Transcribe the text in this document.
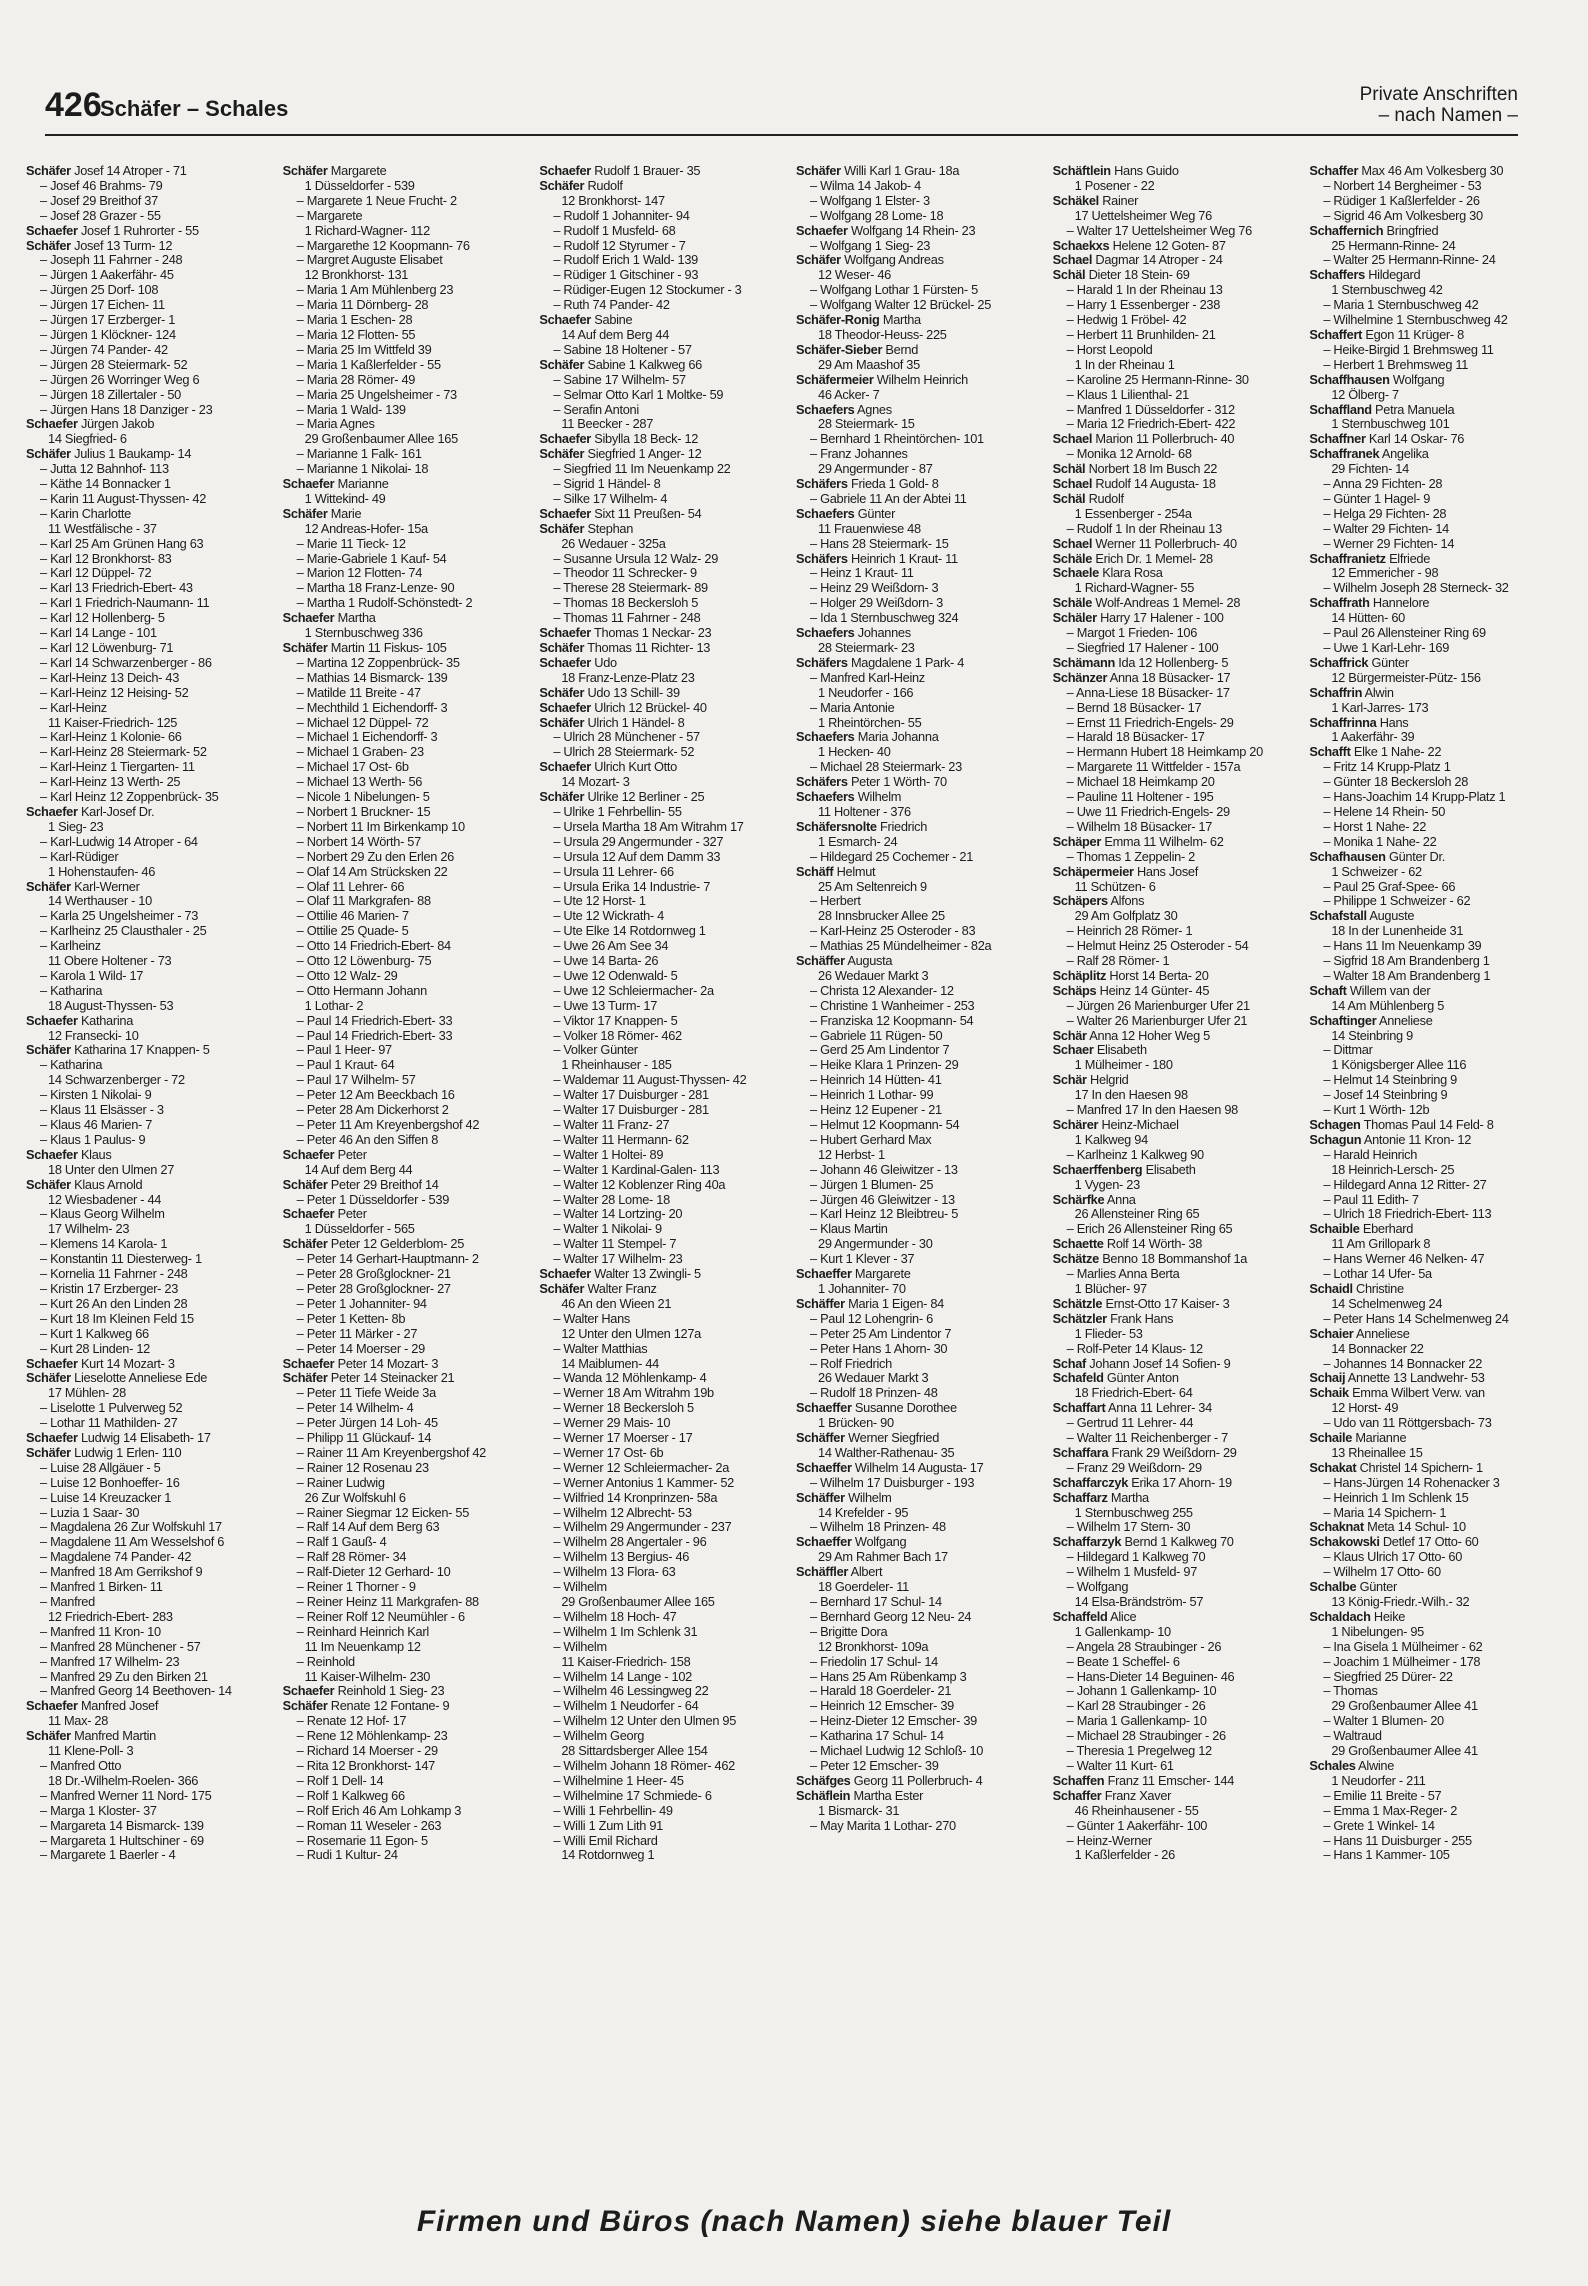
426
Schäfer – Schales
Private Anschriften
– nach Namen –
Schäfer Josef 14 Atroper - 71
– Josef 46 Brahms- 79
– Josef 29 Breithof 37
– Josef 28 Grazer - 55
Schaefer Josef 1 Ruhrorter - 55
Schäfer Josef 13 Turm- 12
– Joseph 11 Fahrner - 248
– Jürgen 1 Aakerfähr- 45
– Jürgen 25 Dorf- 108
– Jürgen 17 Eichen- 11
– Jürgen 17 Erzberger- 1
– Jürgen 1 Klöckner- 124
– Jürgen 74 Pander- 42
– Jürgen 28 Steiermark- 52
– Jürgen 26 Worringer Weg 6
– Jürgen 18 Zillertaler - 50
– Jürgen Hans 18 Danziger - 23
Schaefer Jürgen Jakob
14 Siegfried- 6
Schäfer Julius 1 Baukamp- 14
– Jutta 12 Bahnhof- 113
– Käthe 14 Bonnacker 1
– Karin 11 August-Thyssen- 42
– Karin Charlotte
11 Westfälische - 37
– Karl 25 Am Grünen Hang 63
– Karl 12 Bronkhorst- 83
– Karl 12 Düppel- 72
– Karl 13 Friedrich-Ebert- 43
– Karl 1 Friedrich-Naumann- 11
– Karl 12 Hollenberg- 5
– Karl 14 Lange - 101
– Karl 12 Löwenburg- 71
– Karl 14 Schwarzenberger - 86
– Karl-Heinz 13 Deich- 43
– Karl-Heinz 12 Heising- 52
– Karl-Heinz
11 Kaiser-Friedrich- 125
– Karl-Heinz 1 Kolonie- 66
– Karl-Heinz 28 Steiermark- 52
– Karl-Heinz 1 Tiergarten- 11
– Karl-Heinz 13 Werth- 25
– Karl Heinz 12 Zoppenbrück- 35
Schaefer Karl-Josef Dr.
1 Sieg- 23
– Karl-Ludwig 14 Atroper - 64
– Karl-Rüdiger
1 Hohenstaufen- 46
Schäfer Karl-Werner
14 Werthauser - 10
– Karla 25 Ungelsheimer - 73
– Karlheinz 25 Clausthaler - 25
– Karlheinz
11 Obere Holtener - 73
– Karola 1 Wild- 17
– Katharina
18 August-Thyssen- 53
Schaefer Katharina
12 Fransecki- 10
Schäfer Katharina 17 Knappen- 5
– Katharina
14 Schwarzenberger - 72
– Kirsten 1 Nikolai- 9
– Klaus 11 Elsässer - 3
– Klaus 46 Marien- 7
– Klaus 1 Paulus- 9
Schaefer Klaus
18 Unter den Ulmen 27
Schäfer Klaus Arnold
12 Wiesbadener - 44
– Klaus Georg Wilhelm
17 Wilhelm- 23
– Klemens 14 Karola- 1
– Konstantin 11 Diesterweg- 1
– Kornelia 11 Fahrner - 248
– Kristin 17 Erzberger- 23
– Kurt 26 An den Linden 28
– Kurt 18 Im Kleinen Feld 15
– Kurt 1 Kalkweg 66
– Kurt 28 Linden- 12
Schaefer Kurt 14 Mozart- 3
Schäfer Lieselotte Anneliese Ede
17 Mühlen- 28
– Liselotte 1 Pulverweg 52
– Lothar 11 Mathilden- 27
Schaefer Ludwig 14 Elisabeth- 17
Schäfer Ludwig 1 Erlen- 110
– Luise 28 Allgäuer - 5
– Luise 12 Bonhoeffer- 16
– Luise 14 Kreuzacker 1
– Luzia 1 Saar- 30
– Magdalena 26 Zur Wolfskuhl 17
– Magdalene 11 Am Wesselshof 6
– Magdalene 74 Pander- 42
– Manfred 18 Am Gerrikshof 9
– Manfred 1 Birken- 11
– Manfred
12 Friedrich-Ebert- 283
– Manfred 11 Kron- 10
– Manfred 28 Münchener - 57
– Manfred 17 Wilhelm- 23
– Manfred 29 Zu den Birken 21
– Manfred Georg 14 Beethoven- 14
Schaefer Manfred Josef
11 Max- 28
Schäfer Manfred Martin
11 Klene-Poll- 3
– Manfred Otto
18 Dr.-Wilhelm-Roelen- 366
– Manfred Werner 11 Nord- 175
– Marga 1 Kloster- 37
– Margareta 14 Bismarck- 139
– Margareta 1 Hultschiner - 69
– Margarete 1 Baerler - 4
Schäfer Margarete
1 Düsseldorfer - 539
– Margarete 1 Neue Frucht- 2
– Margarete
1 Richard-Wagner- 112
– Margarethe 12 Koopmann- 76
– Margret Auguste Elisabet
12 Bronkhorst- 131
– Maria 1 Am Mühlenberg 23
– Maria 11 Dörnberg- 28
– Maria 1 Eschen- 28
– Maria 12 Flotten- 55
– Maria 25 Im Wittfeld 39
– Maria 1 Kaßlerfelder - 55
– Maria 28 Römer- 49
– Maria 25 Ungelsheimer - 73
– Maria 1 Wald- 139
– Maria Agnes
29 Großenbaumer Allee 165
– Marianne 1 Falk- 161
– Marianne 1 Nikolai- 18
Schaefer Marianne
1 Wittekind- 49
Schäfer Marie
12 Andreas-Hofer- 15a
– Marie 11 Tieck- 12
– Marie-Gabriele 1 Kauf- 54
– Marion 12 Flotten- 74
– Martha 18 Franz-Lenze- 90
– Martha 1 Rudolf-Schönstedt- 2
Schaefer Martha
1 Sternbuschweg 336
Schäfer Martin 11 Fiskus- 105
– Martina 12 Zoppenbrück- 35
– Mathias 14 Bismarck- 139
– Matilde 11 Breite - 47
– Mechthild 1 Eichendorff- 3
– Michael 12 Düppel- 72
– Michael 1 Eichendorff- 3
– Michael 1 Graben- 23
– Michael 17 Ost- 6b
– Michael 13 Werth- 56
– Nicole 1 Nibelungen- 5
– Norbert 1 Bruckner- 15
– Norbert 11 Im Birkenkamp 10
– Norbert 14 Wörth- 57
– Norbert 29 Zu den Erlen 26
– Olaf 14 Am Strücksken 22
– Olaf 11 Lehrer- 66
– Olaf 11 Markgrafen- 88
– Ottilie 46 Marien- 7
– Ottilie 25 Quade- 5
– Otto 14 Friedrich-Ebert- 84
– Otto 12 Löwenburg- 75
– Otto 12 Walz- 29
– Otto Hermann Johann
1 Lothar- 2
– Paul 14 Friedrich-Ebert- 33
– Paul 14 Friedrich-Ebert- 33
– Paul 1 Heer- 97
– Paul 1 Kraut- 64
– Paul 17 Wilhelm- 57
– Peter 12 Am Beeckbach 16
– Peter 28 Am Dickerhorst 2
– Peter 11 Am Kreyenbergshof 42
– Peter 46 An den Siffen 8
Schaefer Peter
14 Auf dem Berg 44
Schäfer Peter 29 Breithof 14
– Peter 1 Düsseldorfer - 539
Schaefer Peter
1 Düsseldorfer - 565
Schäfer Peter 12 Gelderblom- 25
– Peter 14 Gerhart-Hauptmann- 2
– Peter 28 Großglockner- 21
– Peter 28 Großglockner- 27
– Peter 1 Johanniter- 94
– Peter 1 Ketten- 8b
– Peter 11 Märker - 27
– Peter 14 Moerser - 29
Schaefer Peter 14 Mozart- 3
Schäfer Peter 14 Steinacker 21
– Peter 11 Tiefe Weide 3a
– Peter 14 Wilhelm- 4
– Peter Jürgen 14 Loh- 45
– Philipp 11 Glückauf- 14
– Rainer 11 Am Kreyenbergshof 42
– Rainer 12 Rosenau 23
– Rainer Ludwig
26 Zur Wolfskuhl 6
– Rainer Siegmar 12 Eicken- 55
– Ralf 14 Auf dem Berg 63
– Ralf 1 Gauß- 4
– Ralf 28 Römer- 34
– Ralf-Dieter 12 Gerhard- 10
– Reiner 1 Thorner - 9
– Reiner Heinz 11 Markgrafen- 88
– Reiner Rolf 12 Neumühler - 6
– Reinhard Heinrich Karl
11 Im Neuenkamp 12
– Reinhold
11 Kaiser-Wilhelm- 230
Schaefer Reinhold 1 Sieg- 23
Schäfer Renate 12 Fontane- 9
– Renate 12 Hof- 17
– Rene 12 Möhlenkamp- 23
– Richard 14 Moerser - 29
– Rita 12 Bronkhorst- 147
– Rolf 1 Dell- 14
– Rolf 1 Kalkweg 66
– Rolf Erich 46 Am Lohkamp 3
– Roman 11 Weseler - 263
– Rosemarie 11 Egon- 5
– Rudi 1 Kultur- 24
Schaefer Rudolf 1 Brauer- 35
Schäfer Rudolf
12 Bronkhorst- 147
– Rudolf 1 Johanniter- 94
– Rudolf 1 Musfeld- 68
– Rudolf 12 Styrumer - 7
– Rudolf Erich 1 Wald- 139
– Rüdiger 1 Gitschiner - 93
– Rüdiger-Eugen 12 Stockumer - 3
– Ruth 74 Pander- 42
Schaefer Sabine
14 Auf dem Berg 44
– Sabine 18 Holtener - 57
Schäfer Sabine 1 Kalkweg 66
– Sabine 17 Wilhelm- 57
– Selmar Otto Karl 1 Moltke- 59
– Serafin Antoni
11 Beecker - 287
Schaefer Sibylla 18 Beck- 12
Schäfer Siegfried 1 Anger- 12
– Siegfried 11 Im Neuenkamp 22
– Sigrid 1 Händel- 8
– Silke 17 Wilhelm- 4
Schaefer Sixt 11 Preußen- 54
Schäfer Stephan
26 Wedauer - 325a
– Susanne Ursula 12 Walz- 29
– Theodor 11 Schrecker- 9
– Therese 28 Steiermark- 89
– Thomas 18 Beckersloh 5
– Thomas 11 Fahrner - 248
Schaefer Thomas 1 Neckar- 23
Schäfer Thomas 11 Richter- 13
Schaefer Udo
18 Franz-Lenze-Platz 23
Schäfer Udo 13 Schill- 39
Schaefer Ulrich 12 Brückel- 40
Schäfer Ulrich 1 Händel- 8
– Ulrich 28 Münchener - 57
– Ulrich 28 Steiermark- 52
Schaefer Ulrich Kurt Otto
14 Mozart- 3
Schäfer Ulrike 12 Berliner - 25
– Ulrike 1 Fehrbellin- 55
– Ursela Martha 18 Am Witrahm 17
– Ursula 29 Angermunder - 327
– Ursula 12 Auf dem Damm 33
– Ursula 11 Lehrer- 66
– Ursula Erika 14 Industrie- 7
– Ute 12 Horst- 1
– Ute 12 Wickrath- 4
– Ute Elke 14 Rotdornweg 1
– Uwe 26 Am See 34
– Uwe 14 Barta- 26
– Uwe 12 Odenwald- 5
– Uwe 12 Schleiermacher- 2a
– Uwe 13 Turm- 17
– Viktor 17 Knappen- 5
– Volker 18 Römer- 462
– Volker Günter
1 Rheinhauser - 185
– Waldemar 11 August-Thyssen- 42
– Walter 17 Duisburger - 281
– Walter 17 Duisburger - 281
– Walter 11 Franz- 27
– Walter 11 Hermann- 62
– Walter 1 Holtei- 89
– Walter 1 Kardinal-Galen- 113
– Walter 12 Koblenzer Ring 40a
– Walter 28 Lome- 18
– Walter 14 Lortzing- 20
– Walter 1 Nikolai- 9
– Walter 11 Stempel- 7
– Walter 17 Wilhelm- 23
Schaefer Walter 13 Zwingli- 5
Schäfer Walter Franz
46 An den Wieen 21
– Walter Hans
12 Unter den Ulmen 127a
– Walter Matthias
14 Maiblumen- 44
– Wanda 12 Möhlenkamp- 4
– Werner 18 Am Witrahm 19b
– Werner 18 Beckersloh 5
– Werner 29 Mais- 10
– Werner 17 Moerser - 17
– Werner 17 Ost- 6b
– Werner 12 Schleiermacher- 2a
– Werner Antonius 1 Kammer- 52
– Wilfried 14 Kronprinzen- 58a
– Wilhelm 12 Albrecht- 53
– Wilhelm 29 Angermunder - 237
– Wilhelm 28 Angertaler - 96
– Wilhelm 13 Bergius- 46
– Wilhelm 13 Flora- 63
– Wilhelm
29 Großenbaumer Allee 165
– Wilhelm 18 Hoch- 47
– Wilhelm 1 Im Schlenk 31
– Wilhelm
11 Kaiser-Friedrich- 158
– Wilhelm 14 Lange - 102
– Wilhelm 46 Lessingweg 22
– Wilhelm 1 Neudorfer - 64
– Wilhelm 12 Unter den Ulmen 95
– Wilhelm Georg
28 Sittardsberger Allee 154
– Wilhelm Johann 18 Römer- 462
– Wilhelmine 1 Heer- 45
– Wilhelmine 17 Schmiede- 6
– Willi 1 Fehrbellin- 49
– Willi 1 Zum Lith 91
– Willi Emil Richard
14 Rotdornweg 1
Schäfer Willi Karl 1 Grau- 18a
– Wilma 14 Jakob- 4
– Wolfgang 1 Elster- 3
– Wolfgang 28 Lome- 18
Schaefer Wolfgang 14 Rhein- 23
– Wolfgang 1 Sieg- 23
Schäfer Wolfgang Andreas
12 Weser- 46
– Wolfgang Lothar 1 Fürsten- 5
– Wolfgang Walter 12 Brückel- 25
Schäfer-Ronig Martha
18 Theodor-Heuss- 225
Schäfer-Sieber Bernd
29 Am Maashof 35
Schäfermeier Wilhelm Heinrich
46 Acker- 7
Schaefers Agnes
28 Steiermark- 15
– Bernhard 1 Rheintörchen- 101
– Franz Johannes
29 Angermunder - 87
Schäfers Frieda 1 Gold- 8
– Gabriele 11 An der Abtei 11
Schaefers Günter
11 Frauenwiese 48
– Hans 28 Steiermark- 15
Schäfers Heinrich 1 Kraut- 11
– Heinz 1 Kraut- 11
– Heinz 29 Weißdorn- 3
– Holger 29 Weißdorn- 3
– Ida 1 Sternbuschweg 324
Schaefers Johannes
28 Steiermark- 23
Schäfers Magdalene 1 Park- 4
– Manfred Karl-Heinz
1 Neudorfer - 166
– Maria Antonie
1 Rheintörchen- 55
Schaefers Maria Johanna
1 Hecken- 40
– Michael 28 Steiermark- 23
Schäfers Peter 1 Wörth- 70
Schaefers Wilhelm
11 Holtener - 376
Schäfersnolte Friedrich
1 Esmarch- 24
– Hildegard 25 Cochemer - 21
Schäff Helmut
25 Am Seltenreich 9
– Herbert
28 Innsbrucker Allee 25
– Karl-Heinz 25 Osteroder - 83
– Mathias 25 Mündelheimer - 82a
Schäffer Augusta
26 Wedauer Markt 3
– Christa 12 Alexander- 12
– Christine 1 Wanheimer - 253
– Franziska 12 Koopmann- 54
– Gabriele 11 Rügen- 50
– Gerd 25 Am Lindentor 7
– Heike Klara 1 Prinzen- 29
– Heinrich 14 Hütten- 41
– Heinrich 1 Lothar- 99
– Heinz 12 Eupener - 21
– Helmut 12 Koopmann- 54
– Hubert Gerhard Max
12 Herbst- 1
– Johann 46 Gleiwitzer - 13
– Jürgen 1 Blumen- 25
– Jürgen 46 Gleiwitzer - 13
– Karl Heinz 12 Bleibtreu- 5
– Klaus Martin
29 Angermunder - 30
– Kurt 1 Klever - 37
Schaeffer Margarete
1 Johanniter- 70
Schäffer Maria 1 Eigen- 84
– Paul 12 Lohengrin- 6
– Peter 25 Am Lindentor 7
– Peter Hans 1 Ahorn- 30
– Rolf Friedrich
26 Wedauer Markt 3
– Rudolf 18 Prinzen- 48
Schaeffer Susanne Dorothee
1 Brücken- 90
Schäffer Werner Siegfried
14 Walther-Rathenau- 35
Schaeffer Wilhelm 14 Augusta- 17
– Wilhelm 17 Duisburger - 193
Schäffer Wilhelm
14 Krefelder - 95
– Wilhelm 18 Prinzen- 48
Schaeffer Wolfgang
29 Am Rahmer Bach 17
Schäffler Albert
18 Goerdeler- 11
– Bernhard 17 Schul- 14
– Bernhard Georg 12 Neu- 24
– Brigitte Dora
12 Bronkhorst- 109a
– Friedolin 17 Schul- 14
– Hans 25 Am Rübenkamp 3
– Harald 18 Goerdeler- 21
– Heinrich 12 Emscher- 39
– Heinz-Dieter 12 Emscher- 39
– Katharina 17 Schul- 14
– Michael Ludwig 12 Schloß- 10
– Peter 12 Emscher- 39
Schäfges Georg 11 Pollerbruch- 4
Schäflein Martha Ester
1 Bismarck- 31
– May Marita 1 Lothar- 270
Schäftlein Hans Guido
1 Posener - 22
Schäkel Rainer
17 Uettelsheimer Weg 76
– Walter 17 Uettelsheimer Weg 76
Schaekxs Helene 12 Goten- 87
Schael Dagmar 14 Atroper - 24
Schäl Dieter 18 Stein- 69
– Harald 1 In der Rheinau 13
– Harry 1 Essenberger - 238
– Hedwig 1 Fröbel- 42
– Herbert 11 Brunhilden- 21
– Horst Leopold
1 In der Rheinau 1
– Karoline 25 Hermann-Rinne- 30
– Klaus 1 Lilienthal- 21
– Manfred 1 Düsseldorfer - 312
– Maria 12 Friedrich-Ebert- 422
Schael Marion 11 Pollerbruch- 40
– Monika 12 Arnold- 68
Schäl Norbert 18 Im Busch 22
Schael Rudolf 14 Augusta- 18
Schäl Rudolf
1 Essenberger - 254a
– Rudolf 1 In der Rheinau 13
Schael Werner 11 Pollerbruch- 40
Schäle Erich Dr. 1 Memel- 28
Schaele Klara Rosa
1 Richard-Wagner- 55
Schäle Wolf-Andreas 1 Memel- 28
Schäler Harry 17 Halener - 100
– Margot 1 Frieden- 106
– Siegfried 17 Halener - 100
Schämann Ida 12 Hollenberg- 5
Schänzer Anna 18 Büsacker- 17
– Anna-Liese 18 Büsacker- 17
– Bernd 18 Büsacker- 17
– Ernst 11 Friedrich-Engels- 29
– Harald 18 Büsacker- 17
– Hermann Hubert 18 Heimkamp 20
– Margarete 11 Wittfelder - 157a
– Michael 18 Heimkamp 20
– Pauline 11 Holtener - 195
– Uwe 11 Friedrich-Engels- 29
– Wilhelm 18 Büsacker- 17
Schäper Emma 11 Wilhelm- 62
– Thomas 1 Zeppelin- 2
Schäpermeier Hans Josef
11 Schützen- 6
Schäpers Alfons
29 Am Golfplatz 30
– Heinrich 28 Römer- 1
– Helmut Heinz 25 Osteroder - 54
– Ralf 28 Römer- 1
Schäplitz Horst 14 Berta- 20
Schäps Heinz 14 Günter- 45
– Jürgen 26 Marienburger Ufer 21
– Walter 26 Marienburger Ufer 21
Schär Anna 12 Hoher Weg 5
Schaer Elisabeth
1 Mülheimer - 180
Schär Helgrid
17 In den Haesen 98
– Manfred 17 In den Haesen 98
Schärer Heinz-Michael
1 Kalkweg 94
– Karlheinz 1 Kalkweg 90
Schaerffenberg Elisabeth
1 Vygen- 23
Schärfke Anna
26 Allensteiner Ring 65
– Erich 26 Allensteiner Ring 65
Schaette Rolf 14 Wörth- 38
Schätze Benno 18 Bommanshof 1a
– Marlies Anna Berta
1 Blücher- 97
Schätzle Ernst-Otto 17 Kaiser- 3
Schätzler Frank Hans
1 Flieder- 53
– Rolf-Peter 14 Klaus- 12
Schaf Johann Josef 14 Sofien- 9
Schafeld Günter Anton
18 Friedrich-Ebert- 64
Schaffart Anna 11 Lehrer- 34
– Gertrud 11 Lehrer- 44
– Walter 11 Reichenberger - 7
Schaffara Frank 29 Weißdorn- 29
– Franz 29 Weißdorn- 29
Schaffarczyk Erika 17 Ahorn- 19
Schaffarz Martha
1 Sternbuschweg 255
– Wilhelm 17 Stern- 30
Schaffarzyk Bernd 1 Kalkweg 70
– Hildegard 1 Kalkweg 70
– Wilhelm 1 Musfeld- 97
– Wolfgang
14 Elsa-Brändström- 57
Schaffeld Alice
1 Gallenkamp- 10
– Angela 28 Straubinger - 26
– Beate 1 Scheffel- 6
– Hans-Dieter 14 Beguinen- 46
– Johann 1 Gallenkamp- 10
– Karl 28 Straubinger - 26
– Maria 1 Gallenkamp- 10
– Michael 28 Straubinger - 26
– Theresia 1 Pregelweg 12
– Walter 11 Kurt- 61
Schaffen Franz 11 Emscher- 144
Schaffer Franz Xaver
46 Rheinhausener - 55
– Günter 1 Aakerfähr- 100
– Heinz-Werner
1 Kaßlerfelder - 26
Schaffer Max 46 Am Volkesberg 30
– Norbert 14 Bergheimer - 53
– Rüdiger 1 Kaßlerfelder - 26
– Sigrid 46 Am Volkesberg 30
Schaffernich Bringfried
25 Hermann-Rinne- 24
– Walter 25 Hermann-Rinne- 24
Schaffers Hildegard
1 Sternbuschweg 42
– Maria 1 Sternbuschweg 42
– Wilhelmine 1 Sternbuschweg 42
Schaffert Egon 11 Krüger- 8
– Heike-Birgid 1 Brehmsweg 11
– Herbert 1 Brehmsweg 11
Schaffhausen Wolfgang
12 Ölberg- 7
Schaffland Petra Manuela
1 Sternbuschweg 101
Schaffner Karl 14 Oskar- 76
Schaffranek Angelika
29 Fichten- 14
– Anna 29 Fichten- 28
– Günter 1 Hagel- 9
– Helga 29 Fichten- 28
– Walter 29 Fichten- 14
– Werner 29 Fichten- 14
Schaffranietz Elfriede
12 Emmericher - 98
– Wilhelm Joseph 28 Sterneck- 32
Schaffrath Hannelore
14 Hütten- 60
– Paul 26 Allensteiner Ring 69
– Uwe 1 Karl-Lehr- 169
Schaffrick Günter
12 Bürgermeister-Pütz- 156
Schaffrin Alwin
1 Karl-Jarres- 173
Schaffrinna Hans
1 Aakerfähr- 39
Schafft Elke 1 Nahe- 22
– Fritz 14 Krupp-Platz 1
– Günter 18 Beckersloh 28
– Hans-Joachim 14 Krupp-Platz 1
– Helene 14 Rhein- 50
– Horst 1 Nahe- 22
– Monika 1 Nahe- 22
Schafhausen Günter Dr.
1 Schweizer - 62
– Paul 25 Graf-Spee- 66
– Philippe 1 Schweizer - 62
Schafstall Auguste
18 In der Lunenheide 31
– Hans 11 Im Neuenkamp 39
– Sigfrid 18 Am Brandenberg 1
– Walter 18 Am Brandenberg 1
Schaft Willem van der
14 Am Mühlenberg 5
Schaftinger Anneliese
14 Steinbring 9
– Dittmar
1 Königsberger Allee 116
– Helmut 14 Steinbring 9
– Josef 14 Steinbring 9
– Kurt 1 Wörth- 12b
Schagen Thomas Paul 14 Feld- 8
Schagun Antonie 11 Kron- 12
– Harald Heinrich
18 Heinrich-Lersch- 25
– Hildegard Anna 12 Ritter- 27
– Paul 11 Edith- 7
– Ulrich 18 Friedrich-Ebert- 113
Schaible Eberhard
11 Am Grillopark 8
– Hans Werner 46 Nelken- 47
– Lothar 14 Ufer- 5a
Schaidl Christine
14 Schelmenweg 24
– Peter Hans 14 Schelmenweg 24
Schaier Anneliese
14 Bonnacker 22
– Johannes 14 Bonnacker 22
Schaij Annette 13 Landwehr- 53
Schaik Emma Wilbert Verw. van
12 Horst- 49
– Udo van 11 Röttgersbach- 73
Schaile Marianne
13 Rheinallee 15
Schakat Christel 14 Spichern- 1
– Hans-Jürgen 14 Rohenacker 3
– Heinrich 1 Im Schlenk 15
– Maria 14 Spichern- 1
Schaknat Meta 14 Schul- 10
Schakowski Detlef 17 Otto- 60
– Klaus Ulrich 17 Otto- 60
– Wilhelm 17 Otto- 60
Schalbe Günter
13 König-Friedr.-Wilh.- 32
Schaldach Heike
1 Nibelungen- 95
– Ina Gisela 1 Mülheimer - 62
– Joachim 1 Mülheimer - 178
– Siegfried 25 Dürer- 22
– Thomas
29 Großenbaumer Allee 41
– Walter 1 Blumen- 20
– Waltraud
29 Großenbaumer Allee 41
Schales Alwine
1 Neudorfer - 211
– Emilie 11 Breite - 57
– Emma 1 Max-Reger- 2
– Grete 1 Winkel- 14
– Hans 11 Duisburger - 255
– Hans 1 Kammer- 105
Firmen und Büros (nach Namen) siehe blauer Teil
